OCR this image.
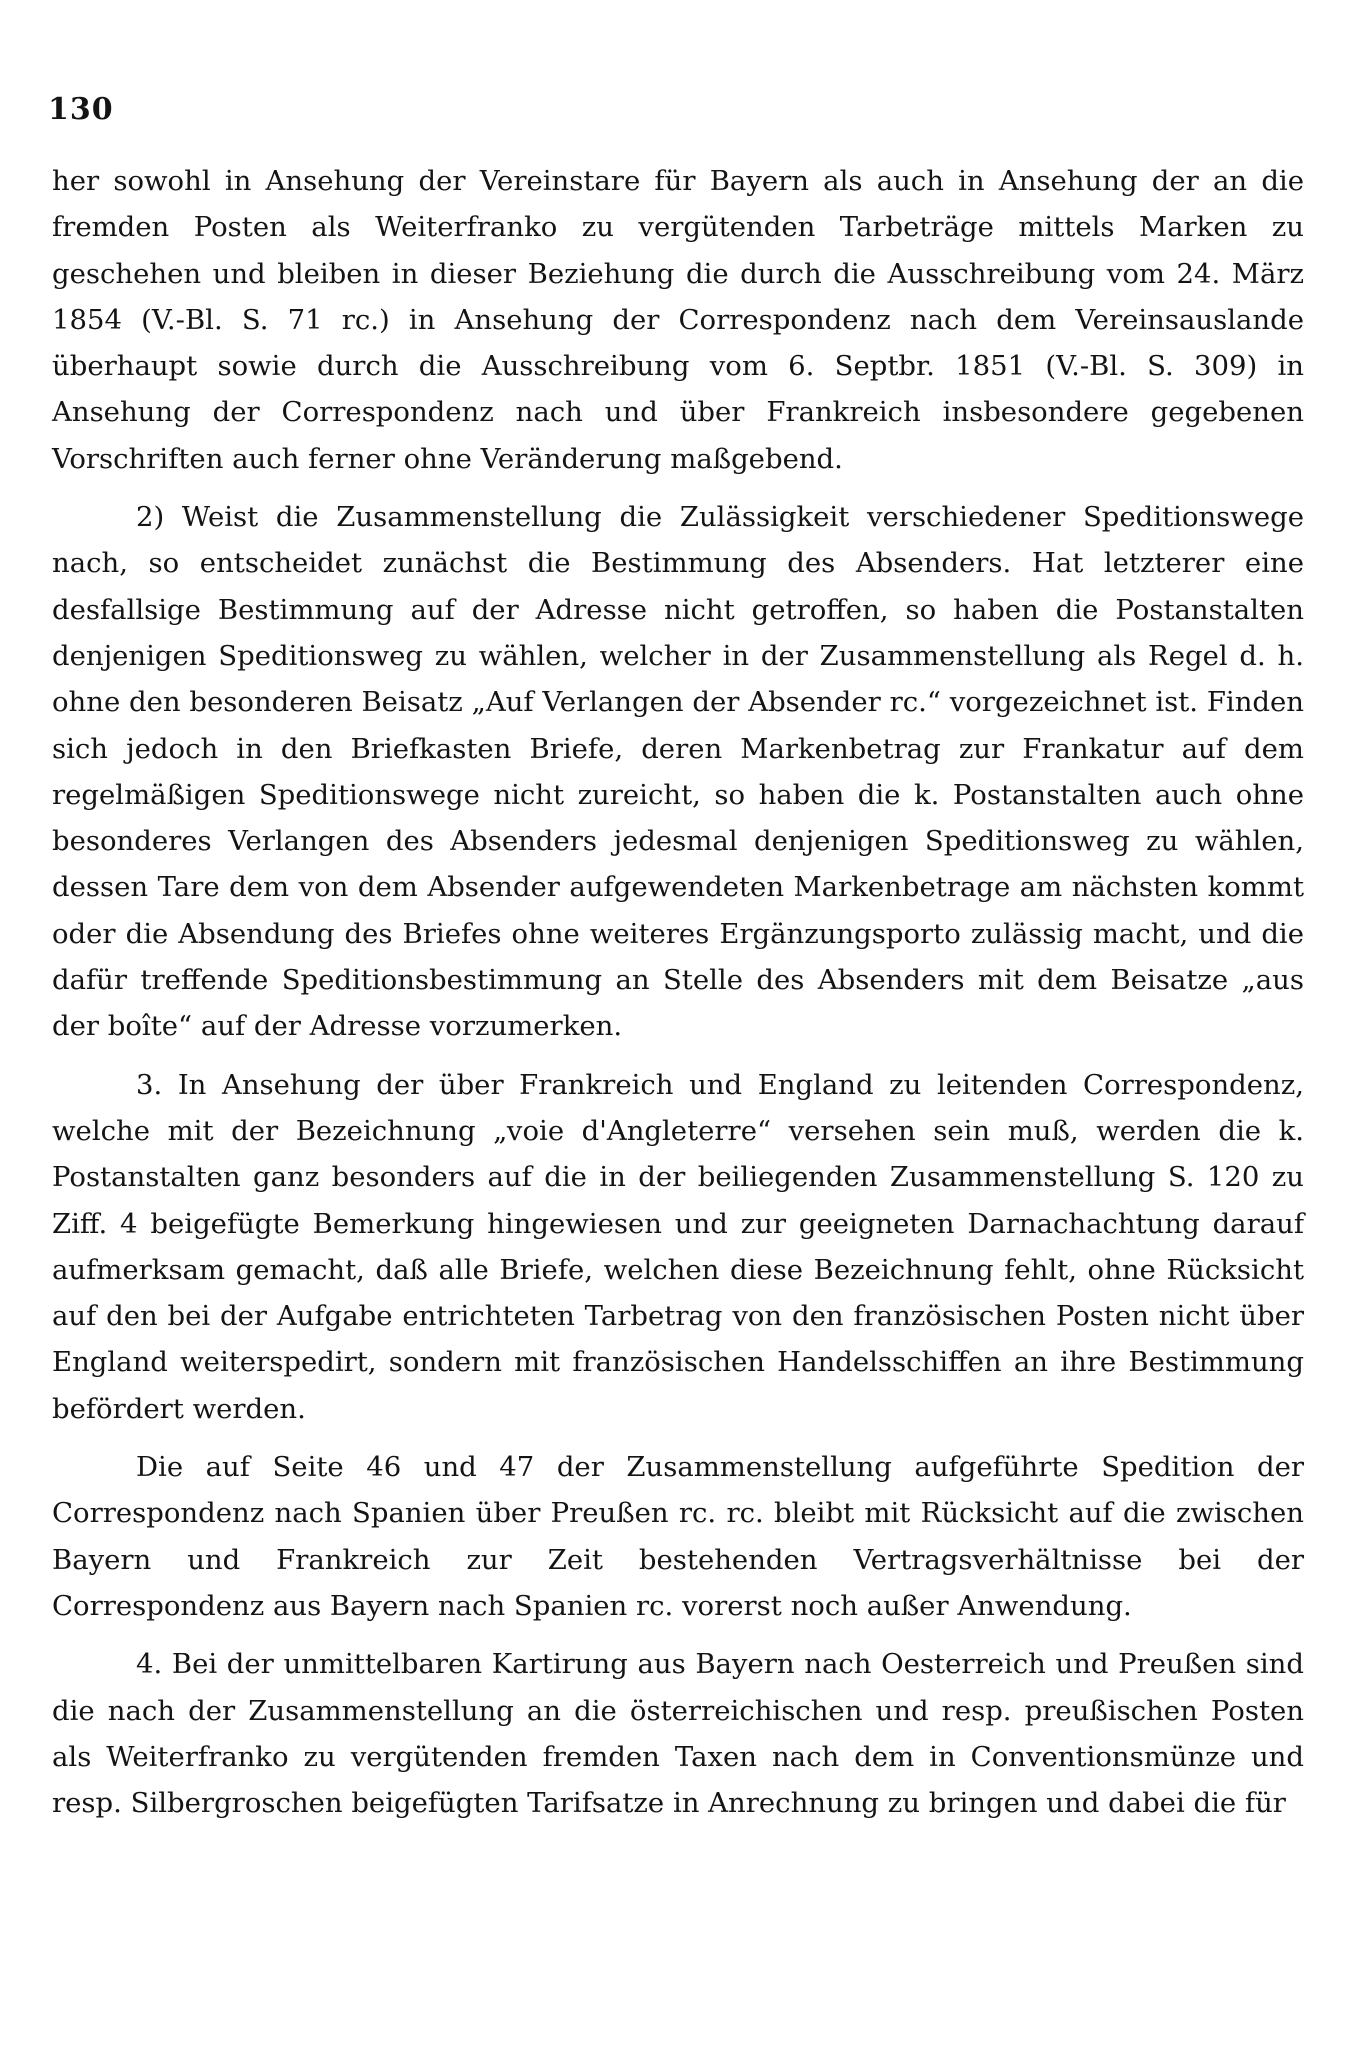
130

her sowohl in Ansehung der Vereinstare für Bayern als auch in Ansehung der an die fremden Posten als Weiterfranko zu vergütenden Tarbeträge mittels Marken zu geschehen und bleiben in dieser Beziehung die durch die Ausschreibung vom 24. März 1854 (V.-Bl. S. 71 rc.) in Ansehung der Correspondenz nach dem Vereinsauslande überhaupt sowie durch die Ausschreibung vom 6. Septbr. 1851 (V.-Bl. S. 309) in Ansehung der Correspondenz nach und über Frankreich insbesondere gegebenen Vorschriften auch ferner ohne Veränderung maßgebend.

2) Weist die Zusammenstellung die Zulässigkeit verschiedener Speditionswege nach, so entscheidet zunächst die Bestimmung des Absenders. Hat letzterer eine desfallsige Bestimmung auf der Adresse nicht getroffen, so haben die Postanstalten denjenigen Speditionsweg zu wählen, welcher in der Zusammenstellung als Regel d. h. ohne den besonderen Beisatz „Auf Verlangen der Absender rc.“ vorgezeichnet ist. Finden sich jedoch in den Briefkasten Briefe, deren Markenbetrag zur Frankatur auf dem regelmäßigen Speditionswege nicht zureicht, so haben die k. Postanstalten auch ohne besonderes Verlangen des Absenders jedesmal denjenigen Speditionsweg zu wählen, dessen Tare dem von dem Absender aufgewendeten Markenbetrage am nächsten kommt oder die Absendung des Briefes ohne weiteres Ergänzungsporto zulässig macht, und die dafür treffende Speditionsbestimmung an Stelle des Absenders mit dem Beisatze „aus der boîte“ auf der Adresse vorzumerken.

3. In Ansehung der über Frankreich und England zu leitenden Correspondenz, welche mit der Bezeichnung „voie d'Angleterre“ versehen sein muß, werden die k. Postanstalten ganz besonders auf die in der beiliegenden Zusammenstellung S. 120 zu Ziff. 4 beigefügte Bemerkung hingewiesen und zur geeigneten Darnachachtung darauf aufmerksam gemacht, daß alle Briefe, welchen diese Bezeichnung fehlt, ohne Rücksicht auf den bei der Aufgabe entrichteten Tarbetrag von den französischen Posten nicht über England weiterspedirt, sondern mit französischen Handelsschiffen an ihre Bestimmung befördert werden.

Die auf Seite 46 und 47 der Zusammenstellung aufgeführte Spedition der Correspondenz nach Spanien über Preußen rc. rc. bleibt mit Rücksicht auf die zwischen Bayern und Frankreich zur Zeit bestehenden Vertragsverhältnisse bei der Correspondenz aus Bayern nach Spanien rc. vorerst noch außer Anwendung.

4. Bei der unmittelbaren Kartirung aus Bayern nach Oesterreich und Preußen sind die nach der Zusammenstellung an die österreichischen und resp. preußischen Posten als Weiterfranko zu vergütenden fremden Taxen nach dem in Conventionsmünze und resp. Silbergroschen beigefügten Tarifsatze in Anrechnung zu bringen und dabei die für
